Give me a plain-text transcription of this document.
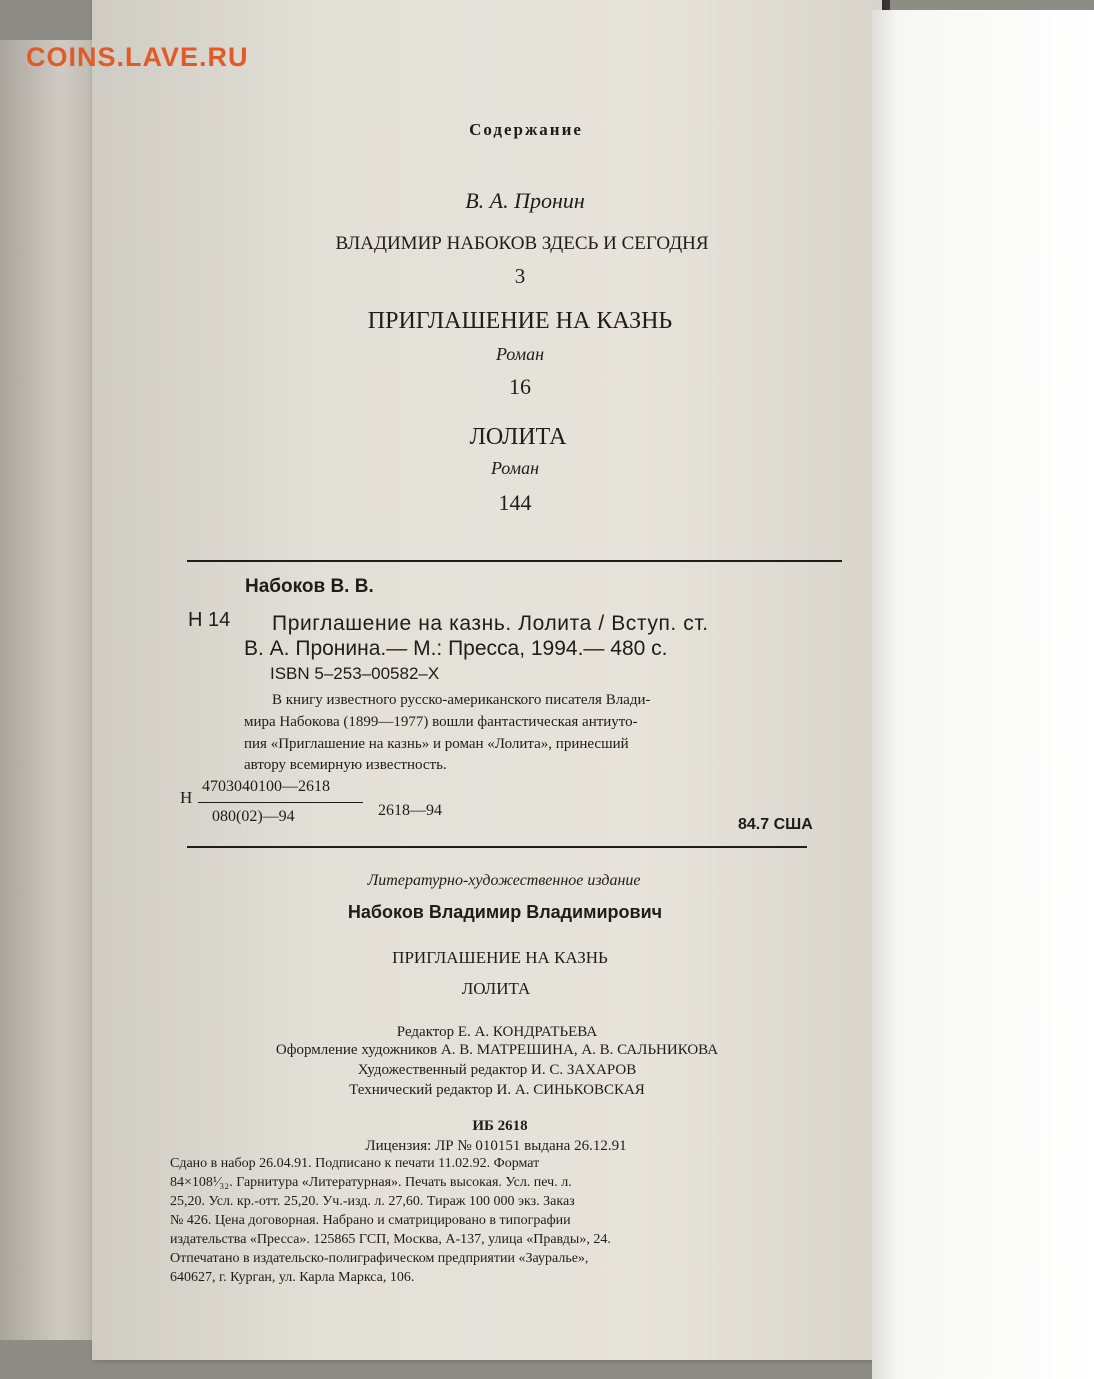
COINS.LAVE.RU
Содержание
В. А. Пронин
ВЛАДИМИР НАБОКОВ ЗДЕСЬ И СЕГОДНЯ
3
ПРИГЛАШЕНИЕ НА КАЗНЬ
Роман
16
ЛОЛИТА
Роман
144
Набоков В. В.
Н 14 Приглашение на казнь. Лолита / Вступ. ст.
В. А. Пронина.— М.: Пресса, 1994.— 480 с.
ISBN 5–253–00582–X
В книгу известного русско-американского писателя Влади-
мира Набокова (1899—1977) вошли фантастическая антиуто-
пия «Приглашение на казнь» и роман «Лолита», принесший
автору всемирную известность.
Н
4703040100—2618
080(02)—94	2618—94
84.7 США
Литературно-художественное издание
Набоков Владимир Владимирович
ПРИГЛАШЕНИЕ НА КАЗНЬ
ЛОЛИТА
Редактор Е. А. КОНДРАТЬЕВА
Оформление художников А. В. МАТРЕШИНА, А. В. САЛЬНИКОВА
Художественный редактор И. С. ЗАХАРОВ
Технический редактор И. А. СИНЬКОВСКАЯ
ИБ 2618
Лицензия: ЛР № 010151 выдана 26.12.91
Сдано в набор 26.04.91. Подписано к печати 11.02.92. Формат
84×108¹⁄₃₂. Гарнитура «Литературная». Печать высокая. Усл. печ. л.
25,20. Усл. кр.-отт. 25,20. Уч.-изд. л. 27,60. Тираж 100 000 экз. Заказ
№ 426. Цена договорная. Набрано и сматрицировано в типографии
издательства «Пресса». 125865 ГСП, Москва, А-137, улица «Правды», 24.
Отпечатано в издательско-полиграфическом предприятии «Зауралье»,
640627, г. Курган, ул. Карла Маркса, 106.
